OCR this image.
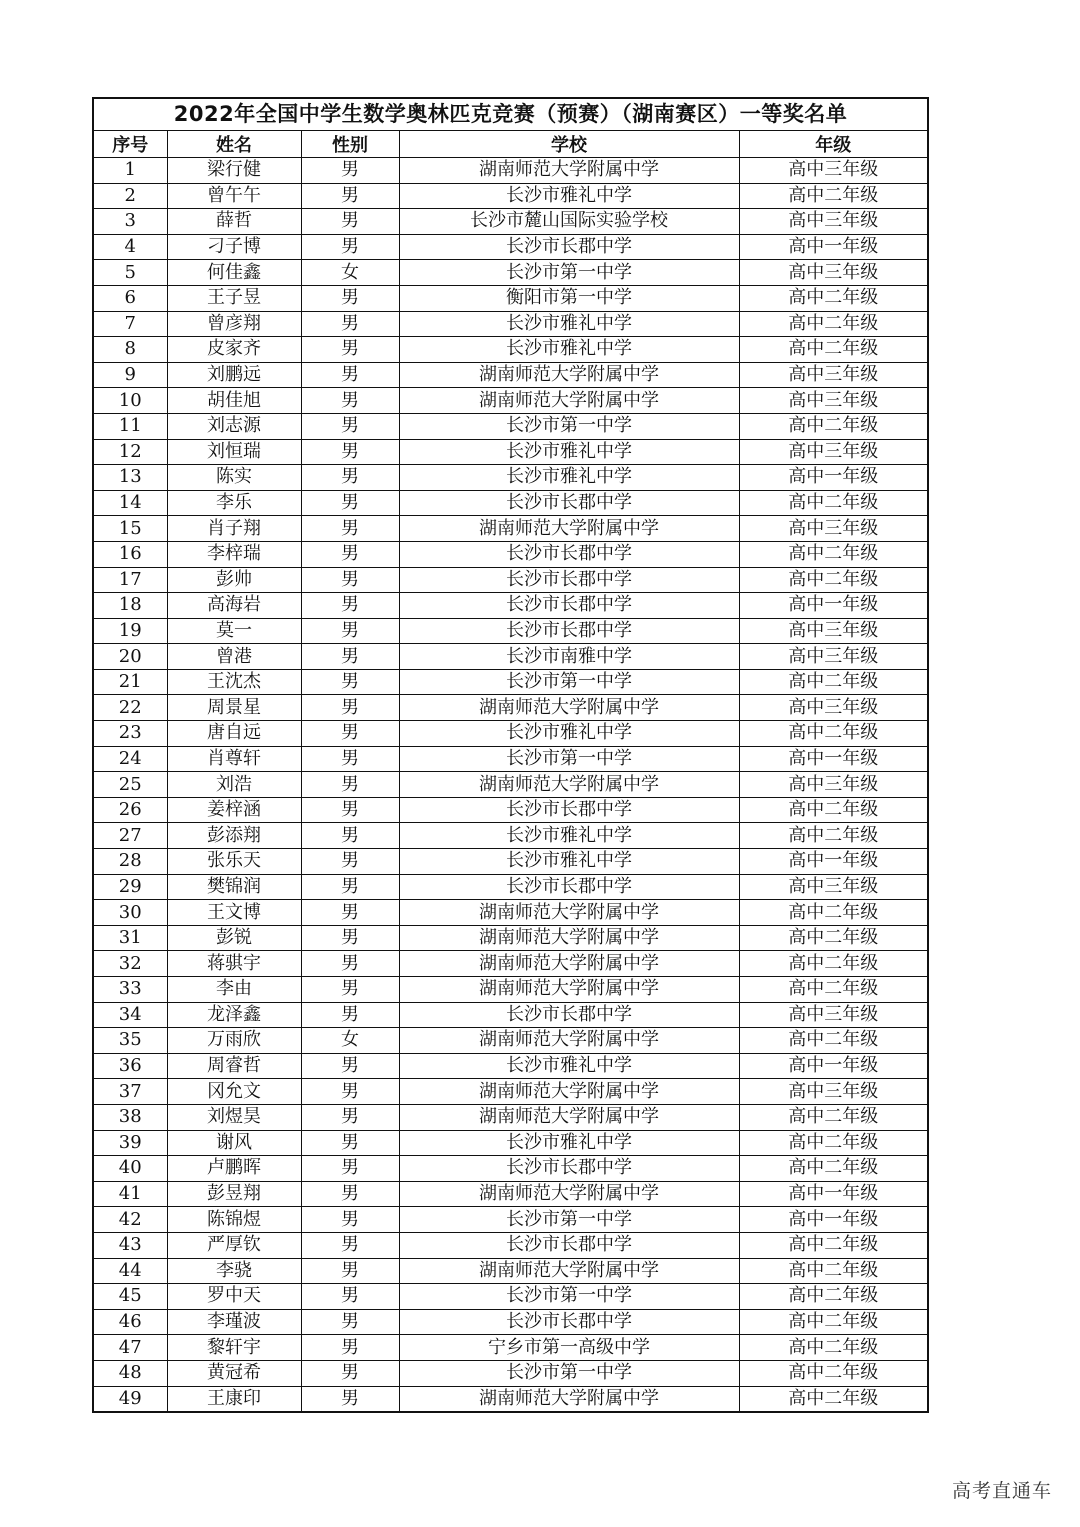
2022年全国中学生数学奥林匹克竞赛（预赛）（湖南赛区）一等奖名单
序号	姓名	性别	学校	年级
1	梁行健	男	湖南师范大学附属中学	高中三年级
2	曾午午	男	长沙市雅礼中学	高中二年级
3	薛哲	男	长沙市麓山国际实验学校	高中三年级
4	刁子博	男	长沙市长郡中学	高中一年级
5	何佳鑫	女	长沙市第一中学	高中三年级
6	王子昱	男	衡阳市第一中学	高中二年级
7	曾彦翔	男	长沙市雅礼中学	高中二年级
8	皮家齐	男	长沙市雅礼中学	高中二年级
9	刘鹏远	男	湖南师范大学附属中学	高中三年级
10	胡佳旭	男	湖南师范大学附属中学	高中三年级
11	刘志源	男	长沙市第一中学	高中二年级
12	刘恒瑞	男	长沙市雅礼中学	高中三年级
13	陈实	男	长沙市雅礼中学	高中一年级
14	李乐	男	长沙市长郡中学	高中二年级
15	肖子翔	男	湖南师范大学附属中学	高中三年级
16	李梓瑞	男	长沙市长郡中学	高中二年级
17	彭帅	男	长沙市长郡中学	高中二年级
18	高海岩	男	长沙市长郡中学	高中一年级
19	莫一	男	长沙市长郡中学	高中三年级
20	曾港	男	长沙市南雅中学	高中三年级
21	王沈杰	男	长沙市第一中学	高中二年级
22	周景星	男	湖南师范大学附属中学	高中三年级
23	唐自远	男	长沙市雅礼中学	高中二年级
24	肖尊轩	男	长沙市第一中学	高中一年级
25	刘浩	男	湖南师范大学附属中学	高中三年级
26	姜梓涵	男	长沙市长郡中学	高中二年级
27	彭添翔	男	长沙市雅礼中学	高中二年级
28	张乐天	男	长沙市雅礼中学	高中一年级
29	樊锦润	男	长沙市长郡中学	高中三年级
30	王文博	男	湖南师范大学附属中学	高中二年级
31	彭锐	男	湖南师范大学附属中学	高中二年级
32	蒋骐宇	男	湖南师范大学附属中学	高中二年级
33	李由	男	湖南师范大学附属中学	高中二年级
34	龙泽鑫	男	长沙市长郡中学	高中三年级
35	万雨欣	女	湖南师范大学附属中学	高中二年级
36	周睿哲	男	长沙市雅礼中学	高中一年级
37	冈允文	男	湖南师范大学附属中学	高中三年级
38	刘煜昊	男	湖南师范大学附属中学	高中二年级
39	谢风	男	长沙市雅礼中学	高中二年级
40	卢鹏晖	男	长沙市长郡中学	高中二年级
41	彭昱翔	男	湖南师范大学附属中学	高中一年级
42	陈锦煜	男	长沙市第一中学	高中一年级
43	严厚钦	男	长沙市长郡中学	高中二年级
44	李骁	男	湖南师范大学附属中学	高中二年级
45	罗中天	男	长沙市第一中学	高中二年级
46	李瑾波	男	长沙市长郡中学	高中二年级
47	黎轩宇	男	宁乡市第一高级中学	高中二年级
48	黄冠希	男	长沙市第一中学	高中二年级
49	王康印	男	湖南师范大学附属中学	高中二年级
高考直通车
